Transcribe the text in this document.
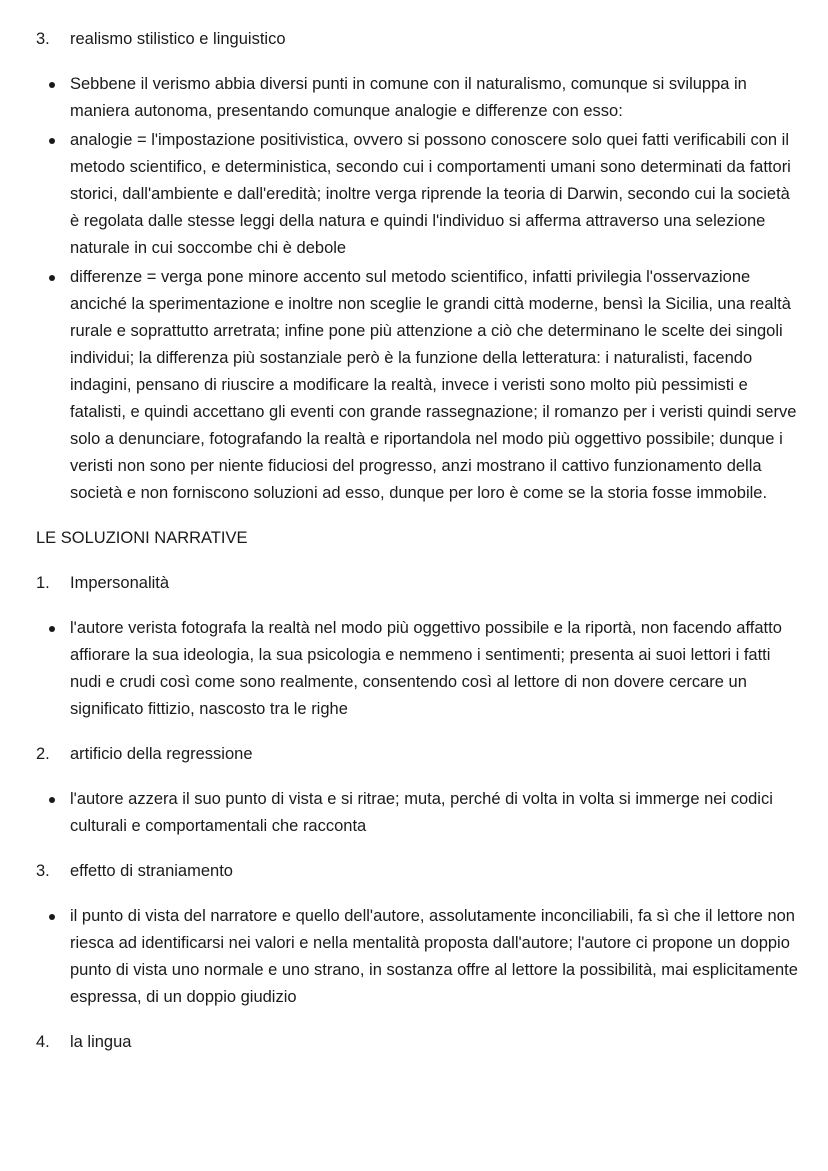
3.	realismo stilistico e linguistico
Sebbene il verismo abbia diversi punti in comune con il naturalismo, comunque si sviluppa in maniera autonoma, presentando comunque analogie e differenze con esso:
analogie = l'impostazione positivistica, ovvero si possono conoscere solo quei fatti verificabili con il metodo scientifico, e deterministica, secondo cui i comportamenti umani sono determinati da fattori storici, dall'ambiente e dall'eredità; inoltre verga riprende la teoria di Darwin, secondo cui la società è regolata dalle stesse leggi della natura e quindi l'individuo si afferma attraverso una selezione naturale in cui soccombe chi è debole
differenze = verga pone minore accento sul metodo scientifico, infatti privilegia l'osservazione anciché la sperimentazione e inoltre non sceglie le grandi città moderne, bensì la Sicilia, una realtà rurale e soprattutto arretrata; infine pone più attenzione a ciò che determinano le scelte dei singoli individui; la differenza più sostanziale però è la funzione della letteratura: i naturalisti, facendo indagini, pensano di riuscire a modificare la realtà, invece i veristi sono molto più pessimisti e fatalisti, e quindi accettano gli eventi con grande rassegnazione; il romanzo per i veristi quindi serve solo a denunciare, fotografando la realtà e riportandola nel modo più oggettivo possibile; dunque i veristi non sono per niente fiduciosi del progresso, anzi mostrano il cattivo funzionamento della società e non forniscono soluzioni ad esso, dunque per loro è come se la storia fosse immobile.
LE SOLUZIONI NARRATIVE
1.	Impersonalità
l'autore verista fotografa la realtà nel modo più oggettivo possibile e la riportà, non facendo affatto affiorare la sua ideologia, la sua psicologia e nemmeno i sentimenti; presenta ai suoi lettori i fatti nudi e crudi così come sono realmente, consentendo così al lettore di non dovere cercare un significato fittizio, nascosto tra le righe
2.	artificio della regressione
l'autore azzera il suo punto di vista e si ritrae; muta, perché di volta in volta si immerge nei codici culturali e comportamentali che racconta
3.	effetto di straniamento
il punto di vista del narratore e quello dell'autore, assolutamente inconciliabili, fa sì che il lettore non riesca ad identificarsi nei valori e nella mentalità proposta dall'autore; l'autore ci propone un doppio punto di vista uno normale e uno strano, in sostanza offre al lettore la possibilità, mai esplicitamente espressa, di un doppio giudizio
4.	la lingua
